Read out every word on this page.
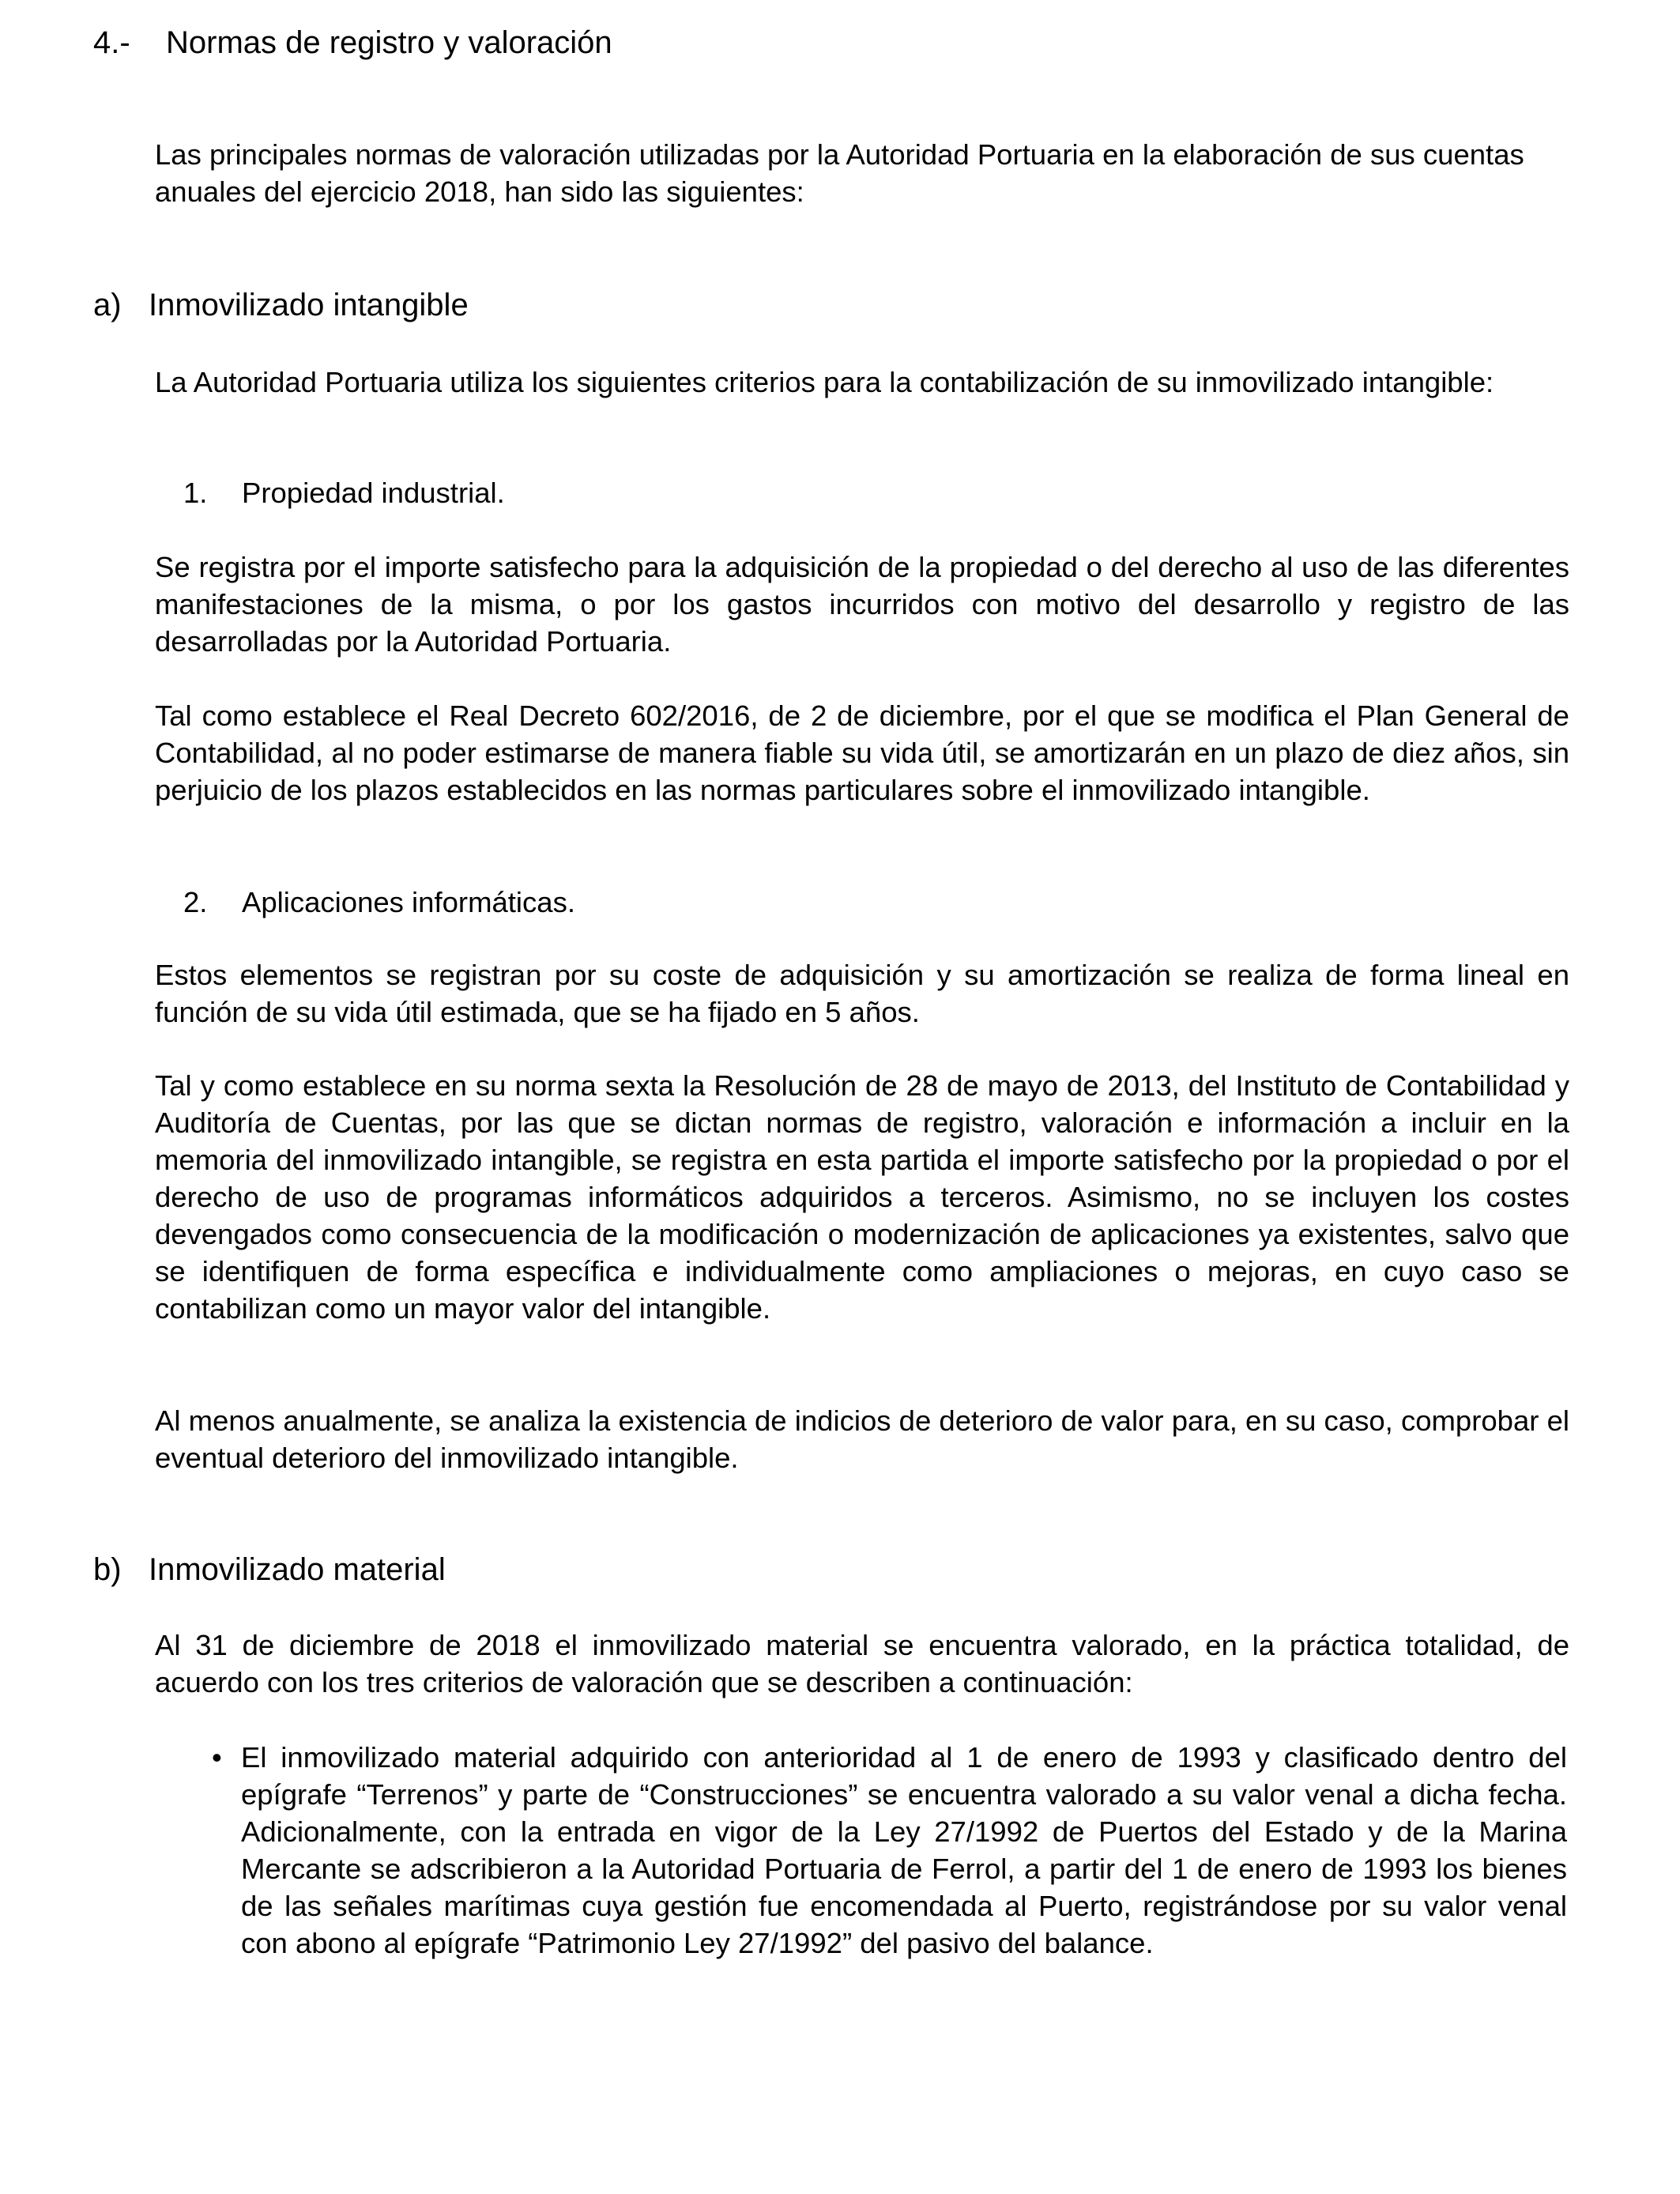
4.- Normas de registro y valoración

Las principales normas de valoración utilizadas por la Autoridad Portuaria en la elaboración de sus cuentas anuales del ejercicio 2018, han sido las siguientes:

a) Inmovilizado intangible

La Autoridad Portuaria utiliza los siguientes criterios para la contabilización de su inmovilizado intangible:

1. Propiedad industrial.

Se registra por el importe satisfecho para la adquisición de la propiedad o del derecho al uso de las diferentes manifestaciones de la misma, o por los gastos incurridos con motivo del desarrollo y registro de las desarrolladas por la Autoridad Portuaria.

Tal como establece el Real Decreto 602/2016, de 2 de diciembre, por el que se modifica el Plan General de Contabilidad, al no poder estimarse de manera fiable su vida útil, se amortizarán en un plazo de diez años, sin perjuicio de los plazos establecidos en las normas particulares sobre el inmovilizado intangible.

2. Aplicaciones informáticas.

Estos elementos se registran por su coste de adquisición y su amortización se realiza de forma lineal en función de su vida útil estimada, que se ha fijado en 5 años.

Tal y como establece en su norma sexta la Resolución de 28 de mayo de 2013, del Instituto de Contabilidad y Auditoría de Cuentas, por las que se dictan normas de registro, valoración e información a incluir en la memoria del inmovilizado intangible, se registra en esta partida el importe satisfecho por la propiedad o por el derecho de uso de programas informáticos adquiridos a terceros. Asimismo, no se incluyen los costes devengados como consecuencia de la modificación o modernización de aplicaciones ya existentes, salvo que se identifiquen de forma específica e individualmente como ampliaciones o mejoras, en cuyo caso se contabilizan como un mayor valor del intangible.

Al menos anualmente, se analiza la existencia de indicios de deterioro de valor para, en su caso, comprobar el eventual deterioro del inmovilizado intangible.

b) Inmovilizado material

Al 31 de diciembre de 2018 el inmovilizado material se encuentra valorado, en la práctica totalidad, de acuerdo con los tres criterios de valoración que se describen a continuación:

• El inmovilizado material adquirido con anterioridad al 1 de enero de 1993 y clasificado dentro del epígrafe “Terrenos” y parte de “Construcciones” se encuentra valorado a su valor venal a dicha fecha. Adicionalmente, con la entrada en vigor de la Ley 27/1992 de Puertos del Estado y de la Marina Mercante se adscribieron a la Autoridad Portuaria de Ferrol, a partir del 1 de enero de 1993 los bienes de las señales marítimas cuya gestión fue encomendada al Puerto, registrándose por su valor venal con abono al epígrafe “Patrimonio Ley 27/1992” del pasivo del balance.
